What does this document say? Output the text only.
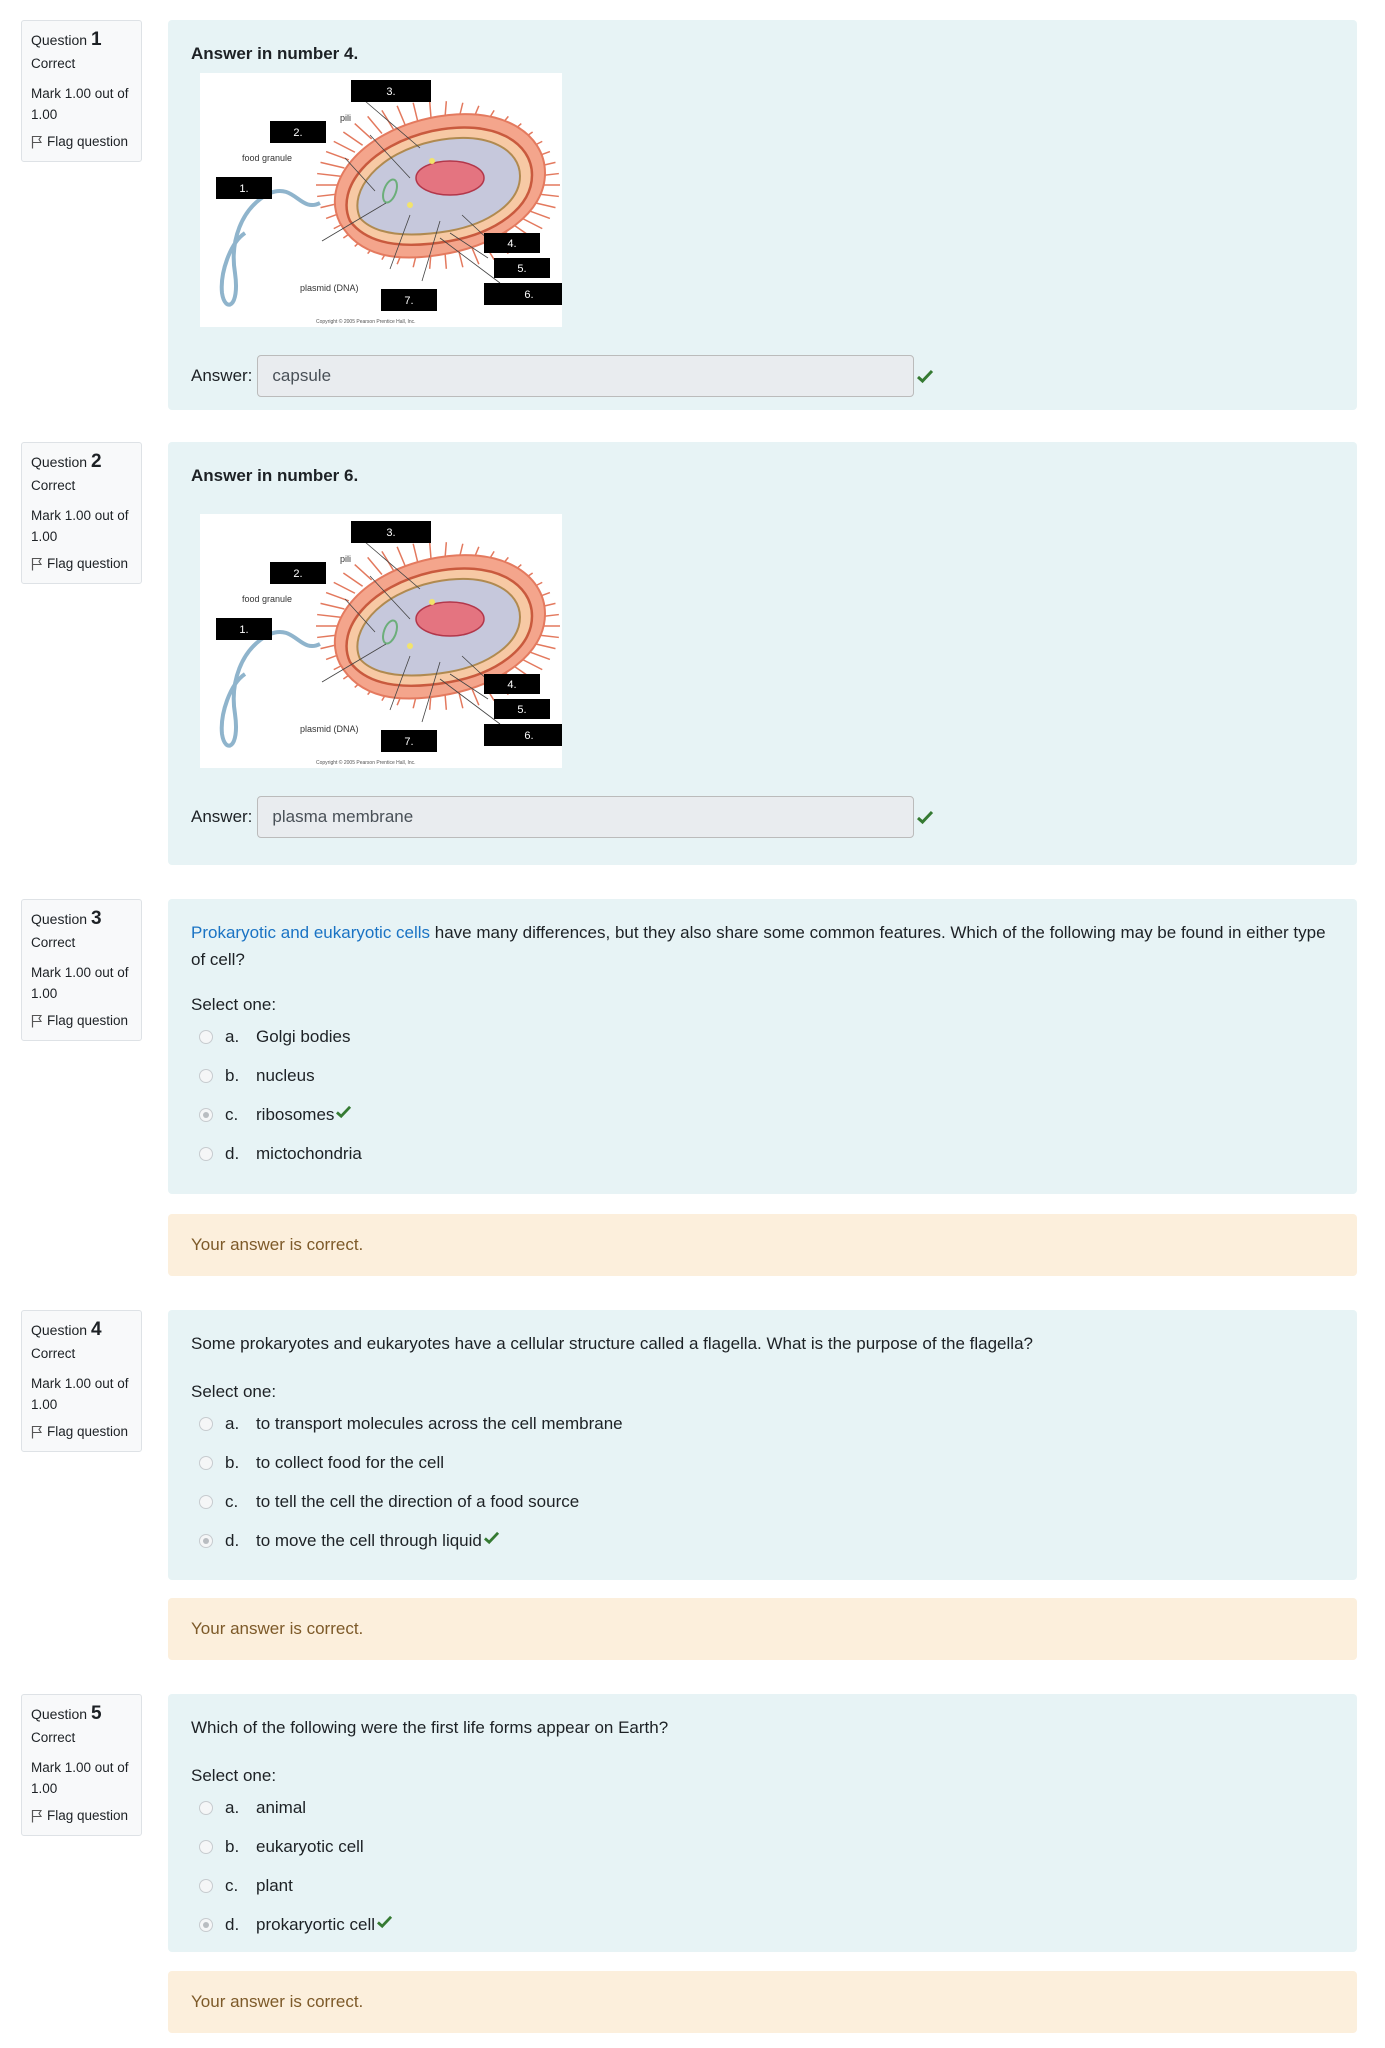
Question 1
Correct
Mark 1.00 out of 1.00
Flag question
Answer in number 4.
pili
food granule
plasmid (DNA)
Copyright © 2005 Pearson Prentice Hall, Inc.
1.
2.
3.
4.
5.
6.
7.
Answer:	capsule
Question 2
Correct
Mark 1.00 out of 1.00
Flag question
Answer in number 6.
pili
food granule
plasmid (DNA)
Copyright © 2005 Pearson Prentice Hall, Inc.
1.
2.
3.
4.
5.
6.
7.
Answer:	plasma membrane
Question 3
Correct
Mark 1.00 out of 1.00
Flag question
Prokaryotic and eukaryotic cells have many differences, but they also share some common features. Which of the following may be found in either type of cell?
Select one:
a. Golgi bodies
b. nucleus
c.	ribosomes
d. mictochondria
Your answer is correct.
Question 4
Correct
Mark 1.00 out of 1.00
Flag question
Some prokaryotes and eukaryotes have a cellular structure called a flagella. What is the purpose of the flagella?
Select one:
a. to transport molecules across the cell membrane
b. to collect food for the cell
c.	to tell the cell the direction of a food source
d. to move the cell through liquid
Your answer is correct.
Question 5
Correct
Mark 1.00 out of 1.00
Flag question
Which of the following were the first life forms appear on Earth?
Select one:
a. animal
b. eukaryotic cell
c.	plant
d. prokaryortic cell
Your answer is correct.
